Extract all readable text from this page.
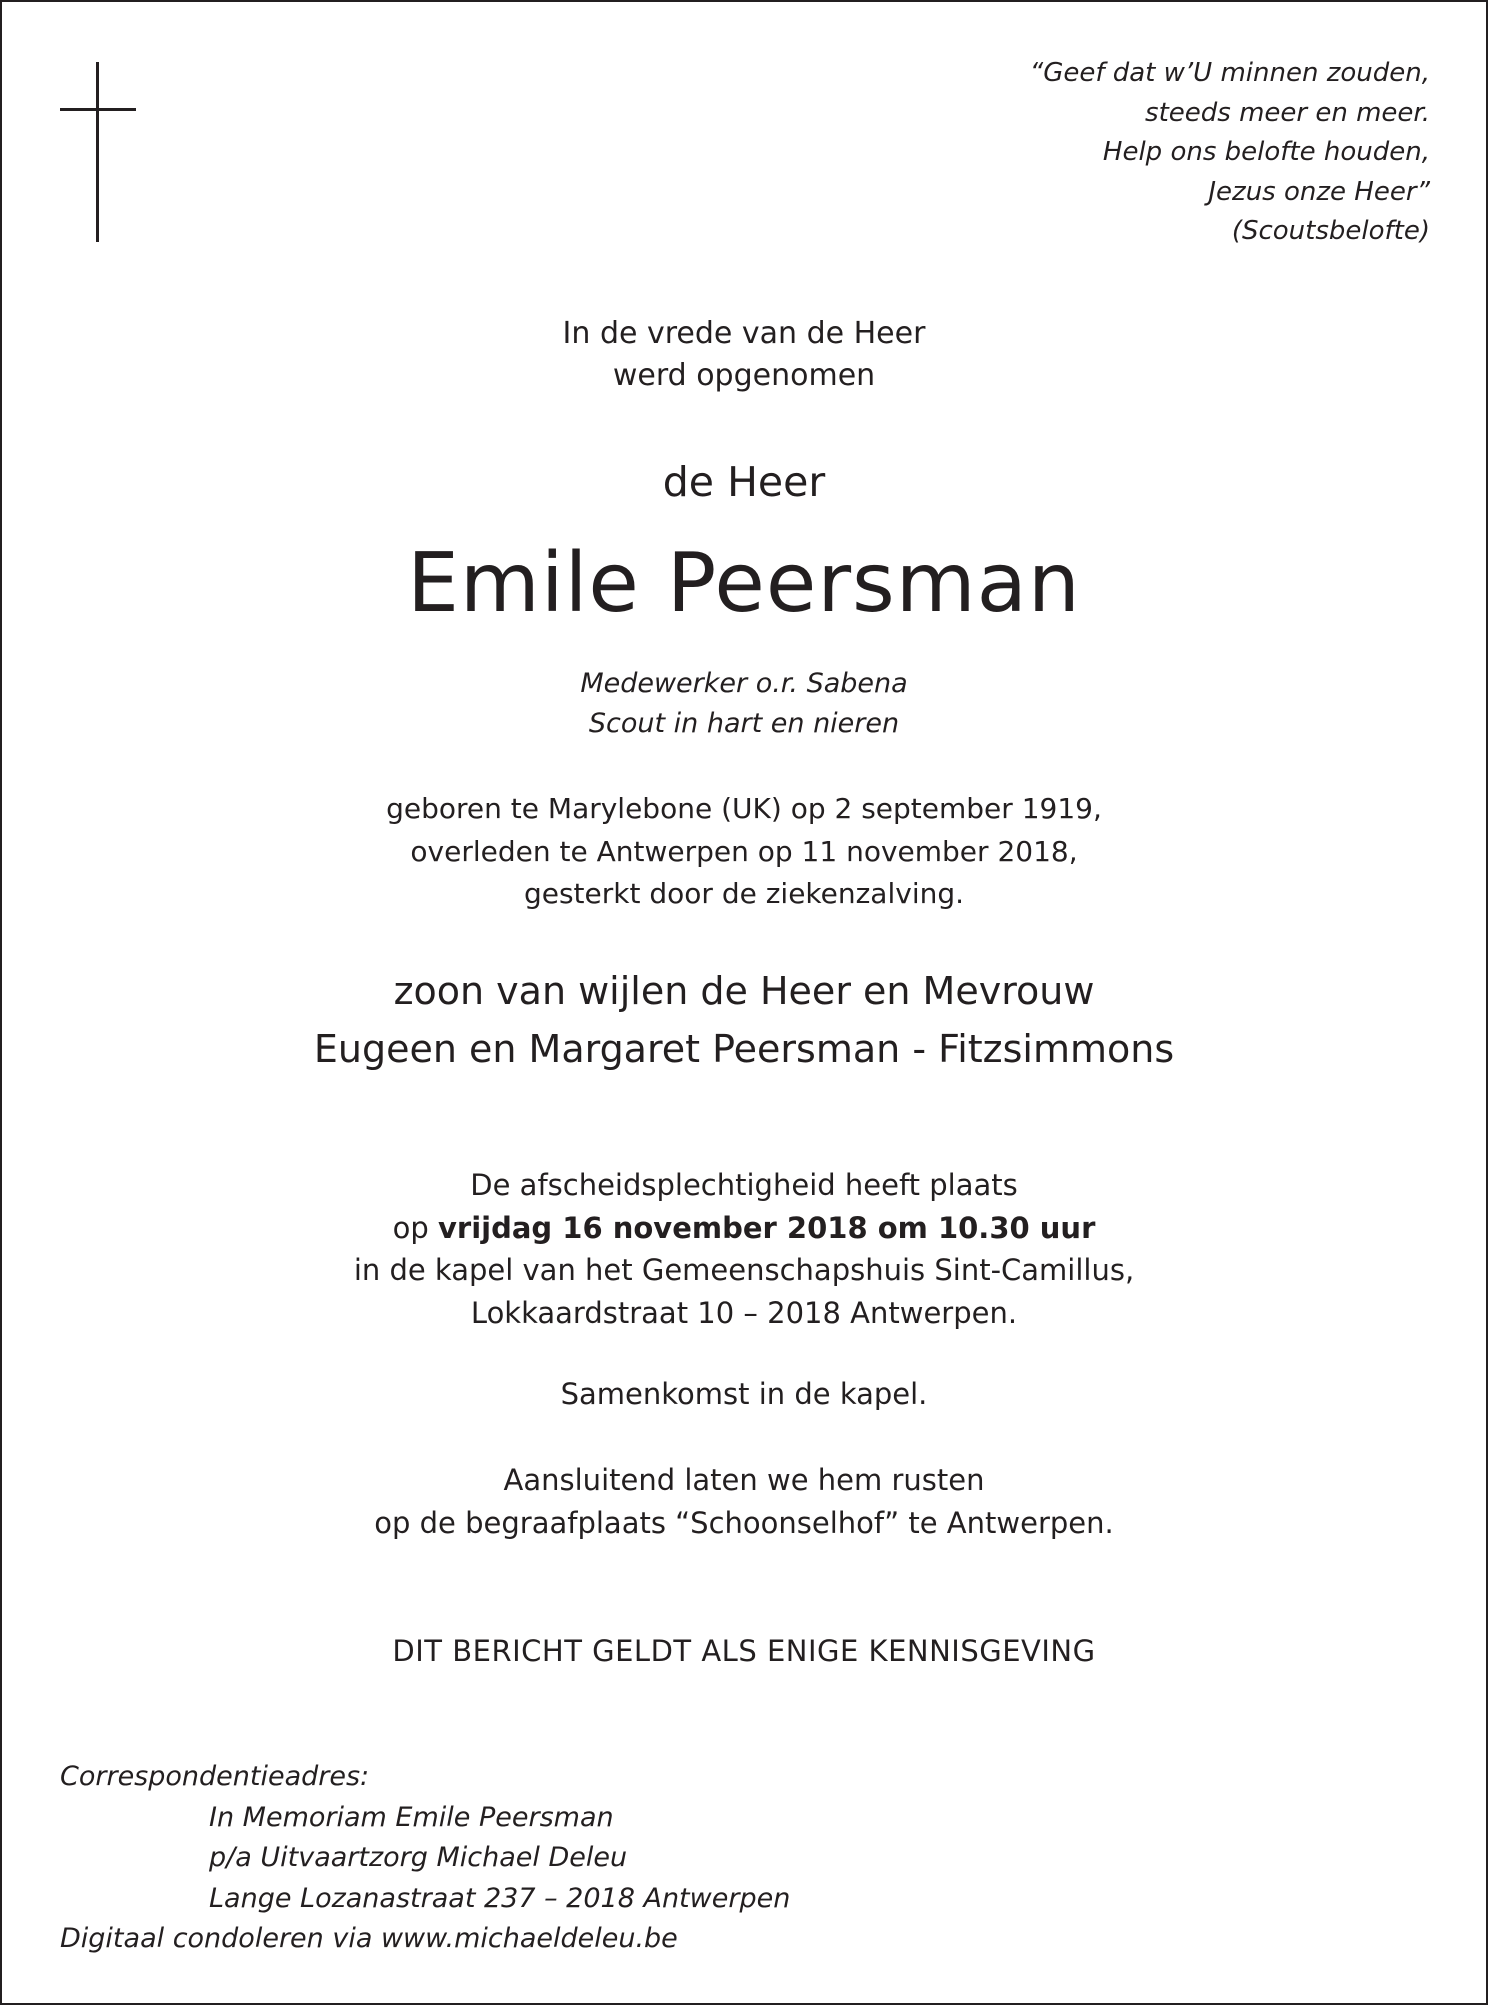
“Geef dat w’U minnen zouden,
steeds meer en meer.
Help ons belofte houden,
Jezus onze Heer”
(Scoutsbelofte)
In de vrede van de Heer
werd opgenomen
de Heer
Emile Peersman
Medewerker o.r. Sabena
Scout in hart en nieren
geboren te Marylebone (UK) op 2 september 1919,
overleden te Antwerpen op 11 november 2018,
gesterkt door de ziekenzalving.
zoon van wijlen de Heer en Mevrouw
Eugeen en Margaret Peersman - Fitzsimmons
De afscheidsplechtigheid heeft plaats
op vrijdag 16 november 2018 om 10.30 uur
in de kapel van het Gemeenschapshuis Sint-Camillus,
Lokkaardstraat 10 – 2018 Antwerpen.
Samenkomst in de kapel.
Aansluitend laten we hem rusten
op de begraafplaats “Schoonselhof” te Antwerpen.
DIT BERICHT GELDT ALS ENIGE KENNISGEVING
Correspondentieadres:
In Memoriam Emile Peersman
p/a Uitvaartzorg Michael Deleu
Lange Lozanastraat 237 – 2018 Antwerpen
Digitaal condoleren via www.michaeldeleu.be
